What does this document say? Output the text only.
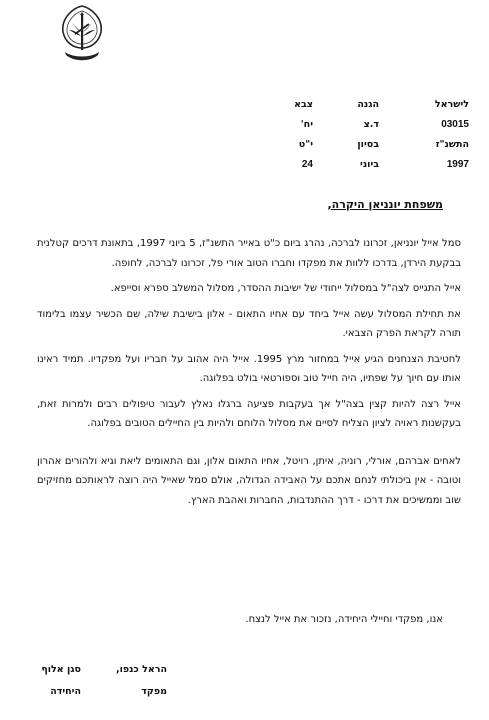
לישראל
הגנה
צבא
03015
ד.צ
יח'
התשנ"ז
בסיון
י"ט
1997
ביוני
24
משפחת יונניאן היקרה,

סמל אייל יונניאן, זכרונו לברכה, נהרג ביום כ"ט באייר התשנ"ז, 5 ביוני 1997, בתאונת דרכים קטלנית בבקעת הירדן, בדרכו ללוות את מפקדו וחברו הטוב אורי פל, זכרונו לברכה, לחופה.

אייל התגייס לצה"ל במסלול ייחודי של ישיבות ההסדר, מסלול המשלב ספרא וסייפא.

את תחילת המסלול עשה אייל ביחד עם אחיו התאום - אלון בישיבת שילה, שם הכשיר עצמו בלימוד תורה לקראת הפרק הצבאי.

לחטיבת הצנחנים הגיע אייל במחזור מרץ 1995. אייל היה אהוב על חבריו ועל מפקדיו. תמיד ראינו אותו עם חיוך על שפתיו, היה חייל טוב וספורטאי בולט בפלוגה.

אייל רצה להיות קצין בצה"ל אך בעקבות פציעה ברגלו נאלץ לעבור טיפולים רבים ולמרות זאת, בעקשנות ראויה לציון הצליח לסיים את מסלול הלוחם ולהיות בין החיילים הטובים בפלוגה.

לאחים אברהם, אורלי, רוניה, איתן, רויטל, אחיו התאום אלון, וגם התאומים ליאת וגיא ולהורים אהרון וטובה - אין ביכולתי לנחם אתכם על האבידה הגדולה, אולם סמל שאייל היה רוצה לראותכם מחזיקים שוב וממשיכים את דרכו - דרך ההתנדבות, החברות ואהבת הארץ.

אנו, מפקדי וחיילי היחידה, נזכור את אייל לנצח.
הראל כנפו,
מפקד
סגן אלוף
היחידה
